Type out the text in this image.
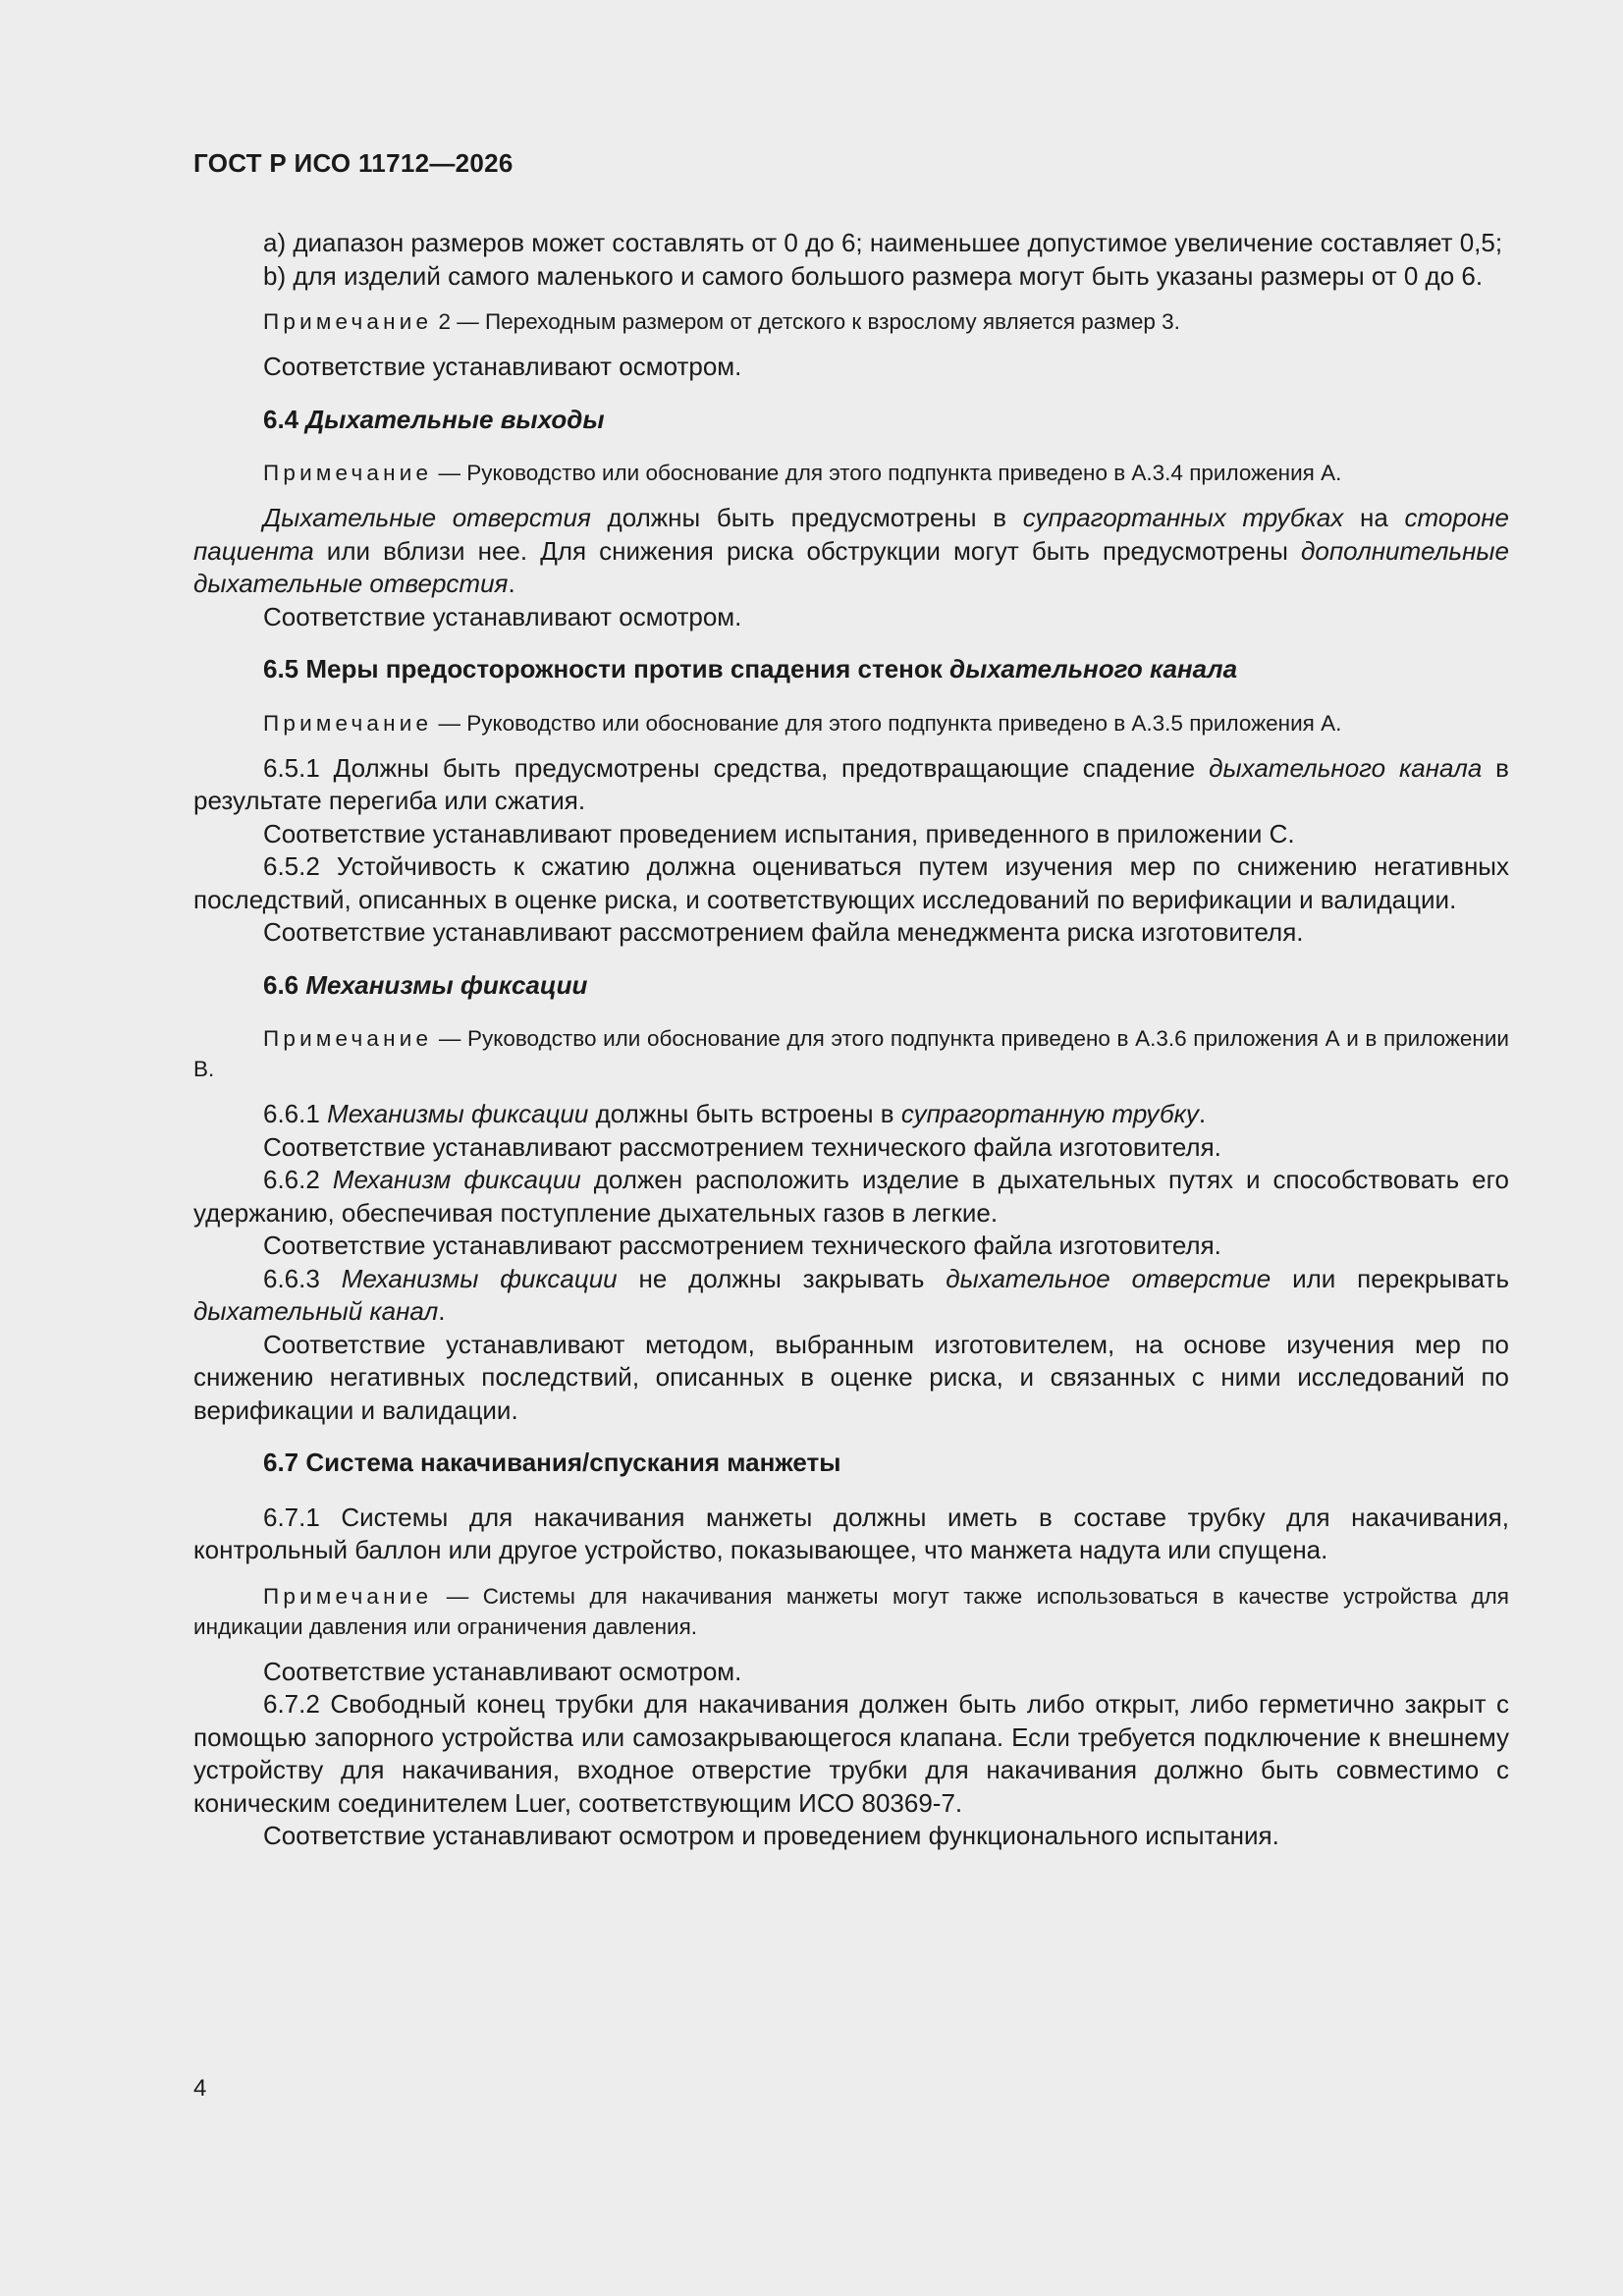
ГОСТ Р ИСО 11712—2026

a) диапазон размеров может составлять от 0 до 6; наименьшее допустимое увеличение составляет 0,5;

b) для изделий самого маленького и самого большого размера могут быть указаны размеры от 0 до 6.

Примечание 2 — Переходным размером от детского к взрослому является размер 3.

Соответствие устанавливают осмотром.

6.4 Дыхательные выходы

Примечание — Руководство или обоснование для этого подпункта приведено в А.3.4 приложения А.

Дыхательные отверстия должны быть предусмотрены в супрагортанных трубках на стороне пациента или вблизи нее. Для снижения риска обструкции могут быть предусмотрены дополнительные дыхательные отверстия.

Соответствие устанавливают осмотром.

6.5 Меры предосторожности против спадения стенок дыхательного канала

Примечание — Руководство или обоснование для этого подпункта приведено в А.3.5 приложения А.

6.5.1 Должны быть предусмотрены средства, предотвращающие спадение дыхательного канала в результате перегиба или сжатия.

Соответствие устанавливают проведением испытания, приведенного в приложении С.

6.5.2 Устойчивость к сжатию должна оцениваться путем изучения мер по снижению негативных последствий, описанных в оценке риска, и соответствующих исследований по верификации и валидации.

Соответствие устанавливают рассмотрением файла менеджмента риска изготовителя.

6.6 Механизмы фиксации

Примечание — Руководство или обоснование для этого подпункта приведено в А.3.6 приложения А и в приложении В.

6.6.1 Механизмы фиксации должны быть встроены в супрагортанную трубку.

Соответствие устанавливают рассмотрением технического файла изготовителя.

6.6.2 Механизм фиксации должен расположить изделие в дыхательных путях и способствовать его удержанию, обеспечивая поступление дыхательных газов в легкие.

Соответствие устанавливают рассмотрением технического файла изготовителя.

6.6.3 Механизмы фиксации не должны закрывать дыхательное отверстие или перекрывать дыхательный канал.

Соответствие устанавливают методом, выбранным изготовителем, на основе изучения мер по снижению негативных последствий, описанных в оценке риска, и связанных с ними исследований по верификации и валидации.

6.7 Система накачивания/спускания манжеты

6.7.1 Системы для накачивания манжеты должны иметь в составе трубку для накачивания, контрольный баллон или другое устройство, показывающее, что манжета надута или спущена.

Примечание — Системы для накачивания манжеты могут также использоваться в качестве устройства для индикации давления или ограничения давления.

Соответствие устанавливают осмотром.

6.7.2 Свободный конец трубки для накачивания должен быть либо открыт, либо герметично закрыт с помощью запорного устройства или самозакрывающегося клапана. Если требуется подключение к внешнему устройству для накачивания, входное отверстие трубки для накачивания должно быть совместимо с коническим соединителем Luer, соответствующим ИСО 80369-7.

Соответствие устанавливают осмотром и проведением функционального испытания.

4
